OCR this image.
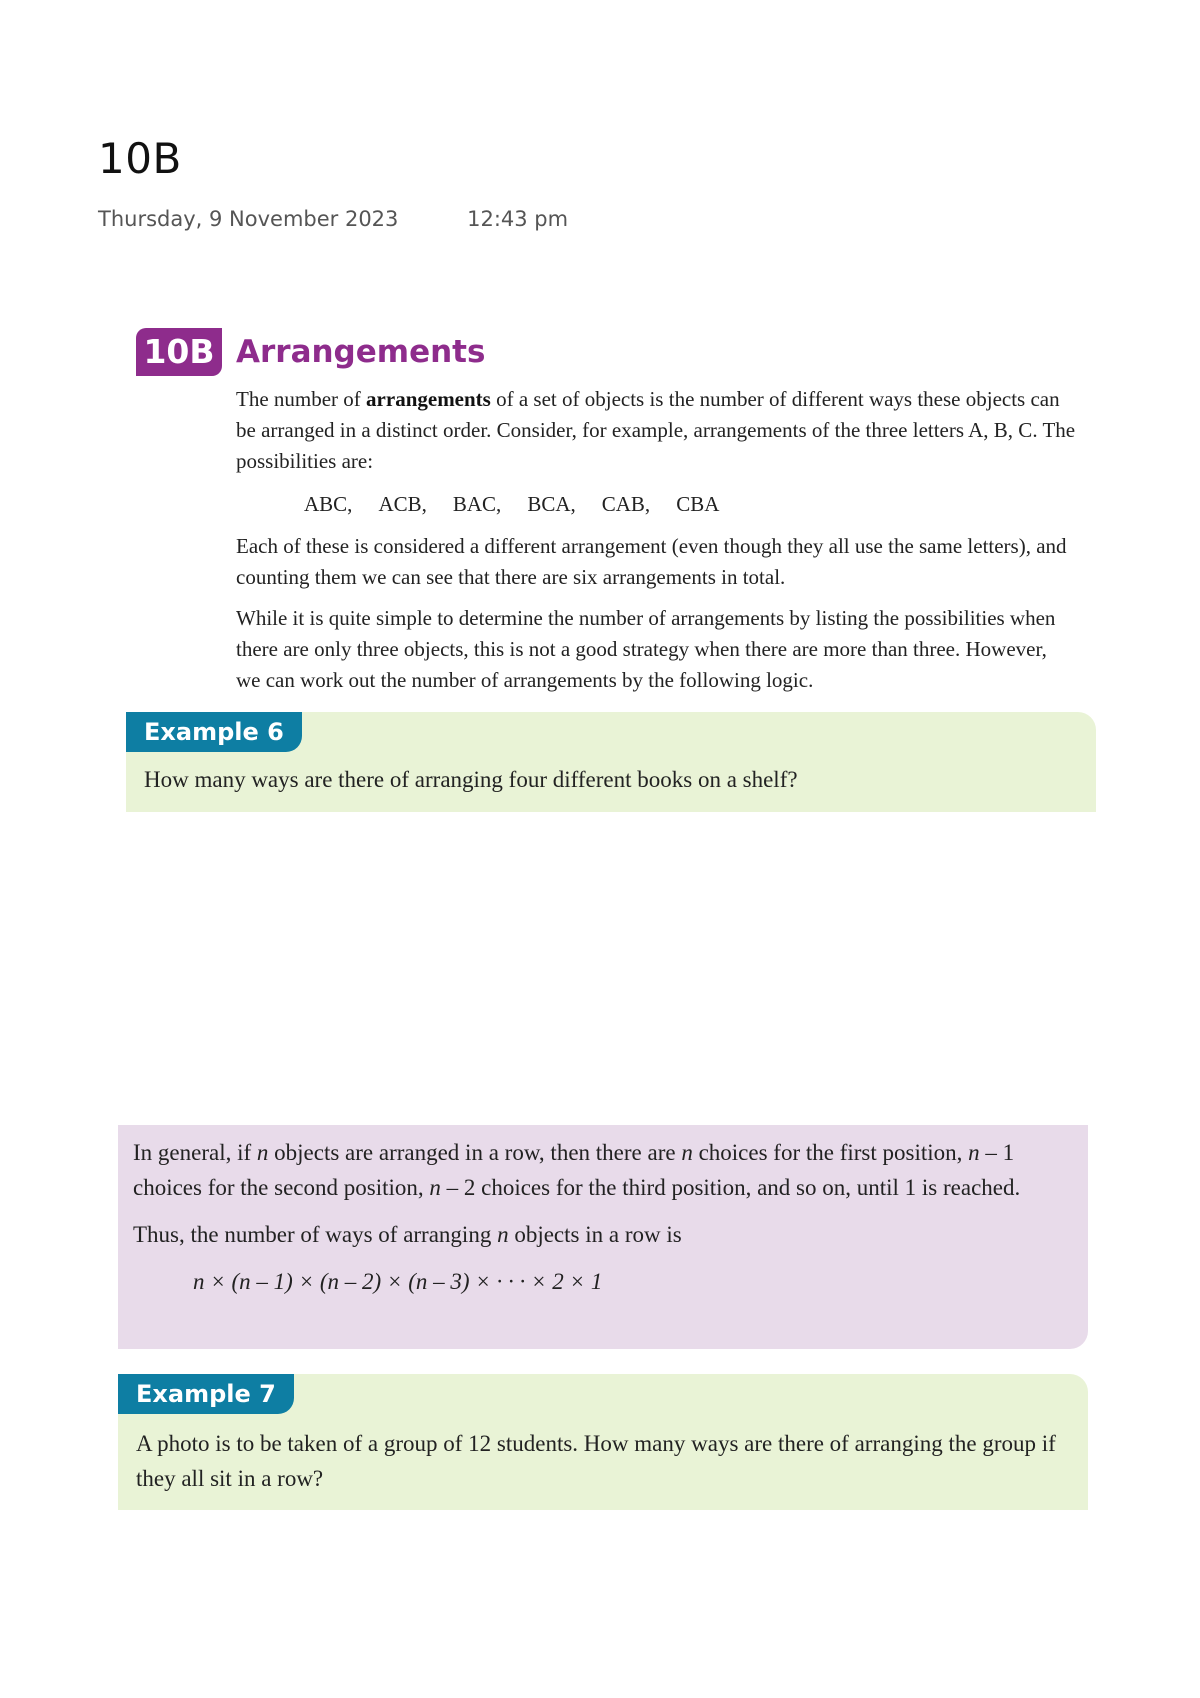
10B
Thursday, 9 November 2023	12:43 pm
10B Arrangements

The number of arrangements of a set of objects is the number of different ways these objects can be arranged in a distinct order. Consider, for example, arrangements of the three letters A, B, C. The possibilities are:

ABC, ACB, BAC, BCA, CAB, CBA

Each of these is considered a different arrangement (even though they all use the same letters), and counting them we can see that there are six arrangements in total.

While it is quite simple to determine the number of arrangements by listing the possibilities when there are only three objects, this is not a good strategy when there are more than three. However, we can work out the number of arrangements by the following logic.

Example 6
How many ways are there of arranging four different books on a shelf?

In general, if n objects are arranged in a row, then there are n choices for the first position, n – 1 choices for the second position, n – 2 choices for the third position, and so on, until 1 is reached.

Thus, the number of ways of arranging n objects in a row is

n × (n – 1) × (n – 2) × (n – 3) × · · · × 2 × 1
Example 7
A photo is to be taken of a group of 12 students. How many ways are there of arranging the group if they all sit in a row?
